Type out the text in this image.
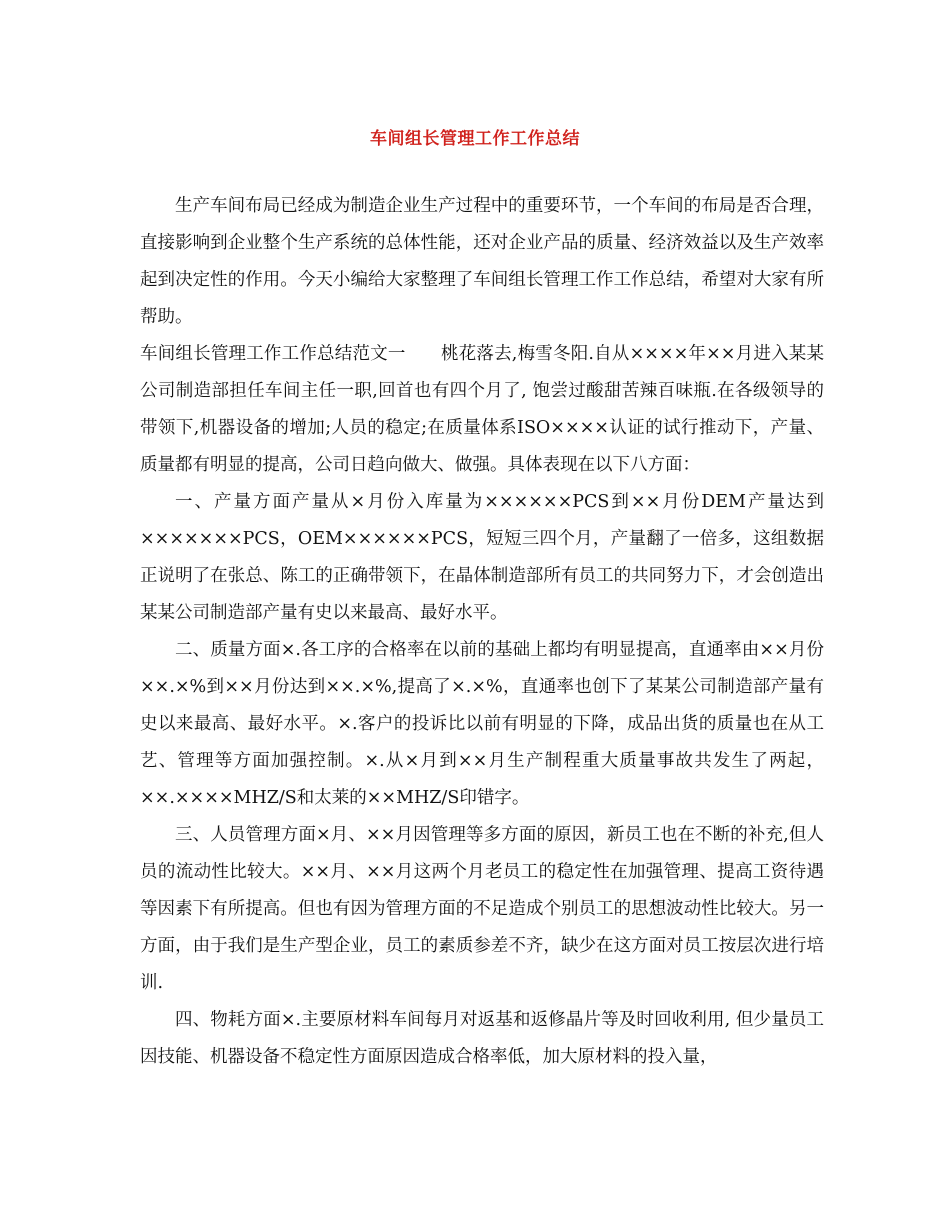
车间组长管理工作工作总结

生产车间布局已经成为制造企业生产过程中的重要环节，一个车间的布局是否合理，直接影响到企业整个生产系统的总体性能，还对企业产品的质量、经济效益以及生产效率起到决定性的作用。今天小编给大家整理了车间组长管理工作工作总结，希望对大家有所帮助。

车间组长管理工作工作总结范文一　　桃花落去,梅雪冬阳.自从××××年××月进入某某公司制造部担任车间主任一职,回首也有四个月了, 饱尝过酸甜苦辣百味瓶.在各级领导的带领下,机器设备的增加;人员的稳定;在质量体系ISO××××认证的试行推动下，产量、质量都有明显的提高，公司日趋向做大、做强。具体表现在以下八方面：

一、产量方面产量从×月份入库量为××××××PCS到××月份DEM产量达到×××××××PCS，OEM××××××PCS，短短三四个月，产量翻了一倍多，这组数据正说明了在张总、陈工的正确带领下，在晶体制造部所有员工的共同努力下，才会创造出某某公司制造部产量有史以来最高、最好水平。

二、质量方面×.各工序的合格率在以前的基础上都均有明显提高，直通率由××月份××.×%到××月份达到××.×%,提高了×.×%，直通率也创下了某某公司制造部产量有史以来最高、最好水平。×.客户的投诉比以前有明显的下降，成品出货的质量也在从工艺、管理等方面加强控制。×.从×月到××月生产制程重大质量事故共发生了两起，××.××××MHZ/S和太莱的××MHZ/S印错字。

三、人员管理方面×月、××月因管理等多方面的原因，新员工也在不断的补充,但人员的流动性比较大。××月、××月这两个月老员工的稳定性在加强管理、提高工资待遇等因素下有所提高。但也有因为管理方面的不足造成个别员工的思想波动性比较大。另一方面，由于我们是生产型企业，员工的素质参差不齐，缺少在这方面对员工按层次进行培训.

四、物耗方面×.主要原材料车间每月对返基和返修晶片等及时回收利用, 但少量员工因技能、机器设备不稳定性方面原因造成合格率低，加大原材料的投入量，
